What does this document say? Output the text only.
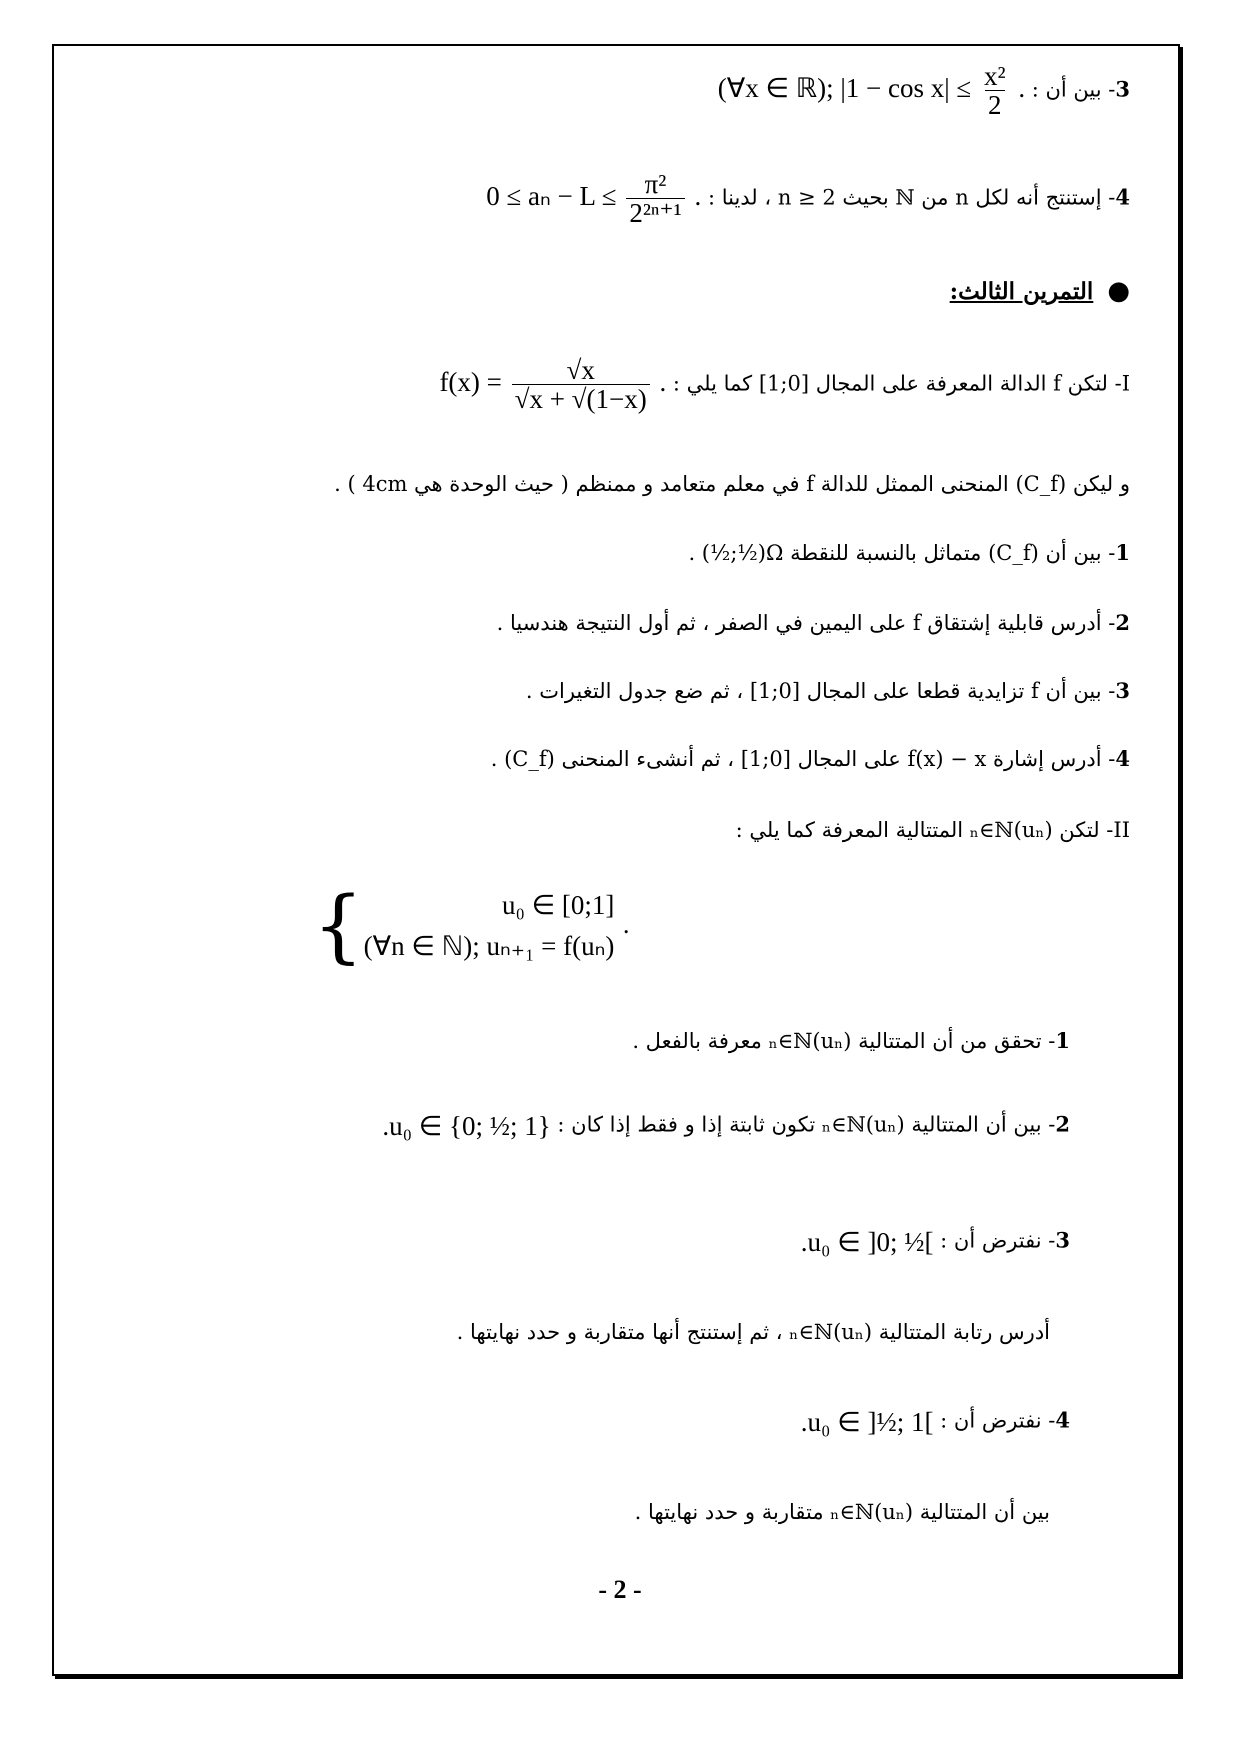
3- بين أن : (∀x ∈ ℝ); $|1 - \cos x| \le \frac{\text{x²}}{2}$ .
4- إستنتج أنه لكل n من ℕ بحيث n ≥ 2 ، لدينا : $0 \le a_n - L \le \frac{\text{π²}}{\text{2²ⁿ⁺¹}}$ .
●التمرين الثالث:
I- لتكن f الدالة المعرفة على المجال [0;1] كما يلي : $f(x) = \frac{√x}{√x + √(1-x)}$ .
و ليكن (C_f) المنحنى الممثل للدالة f في معلم متعامد و ممنظم ( حيث الوحدة هي 4cm ) .
1- بين أن (C_f) متماثل بالنسبة للنقطة Ω(½;½) .
2- أدرس قابلية إشتقاق f على اليمين في الصفر ، ثم أول النتيجة هندسيا .
3- بين أن f تزايدية قطعا على المجال [0;1] ، ثم ضع جدول التغيرات .
4- أدرس إشارة f(x) − x على المجال [0;1] ، ثم أنشىء المنحنى (C_f) .
II- لتكن (uₙ)ₙ∈ℕ المتتالية المعرفة كما يلي :
{	u₀ ∈ [0;1]
(∀n ∈ ℕ); uₙ₊₁ = f(uₙ)
.
1- تحقق من أن المتتالية (uₙ)ₙ∈ℕ معرفة بالفعل .
2- بين أن المتتالية (uₙ)ₙ∈ℕ تكون ثابتة إذا و فقط إذا كان : u₀ ∈ {0; ½; 1}.
3- نفترض أن : u₀ ∈ ]0; ½[.
أدرس رتابة المتتالية (uₙ)ₙ∈ℕ ، ثم إستنتج أنها متقاربة و حدد نهايتها .
4- نفترض أن : u₀ ∈ ]½; 1[.
بين أن المتتالية (uₙ)ₙ∈ℕ متقاربة و حدد نهايتها .
- 2 -
